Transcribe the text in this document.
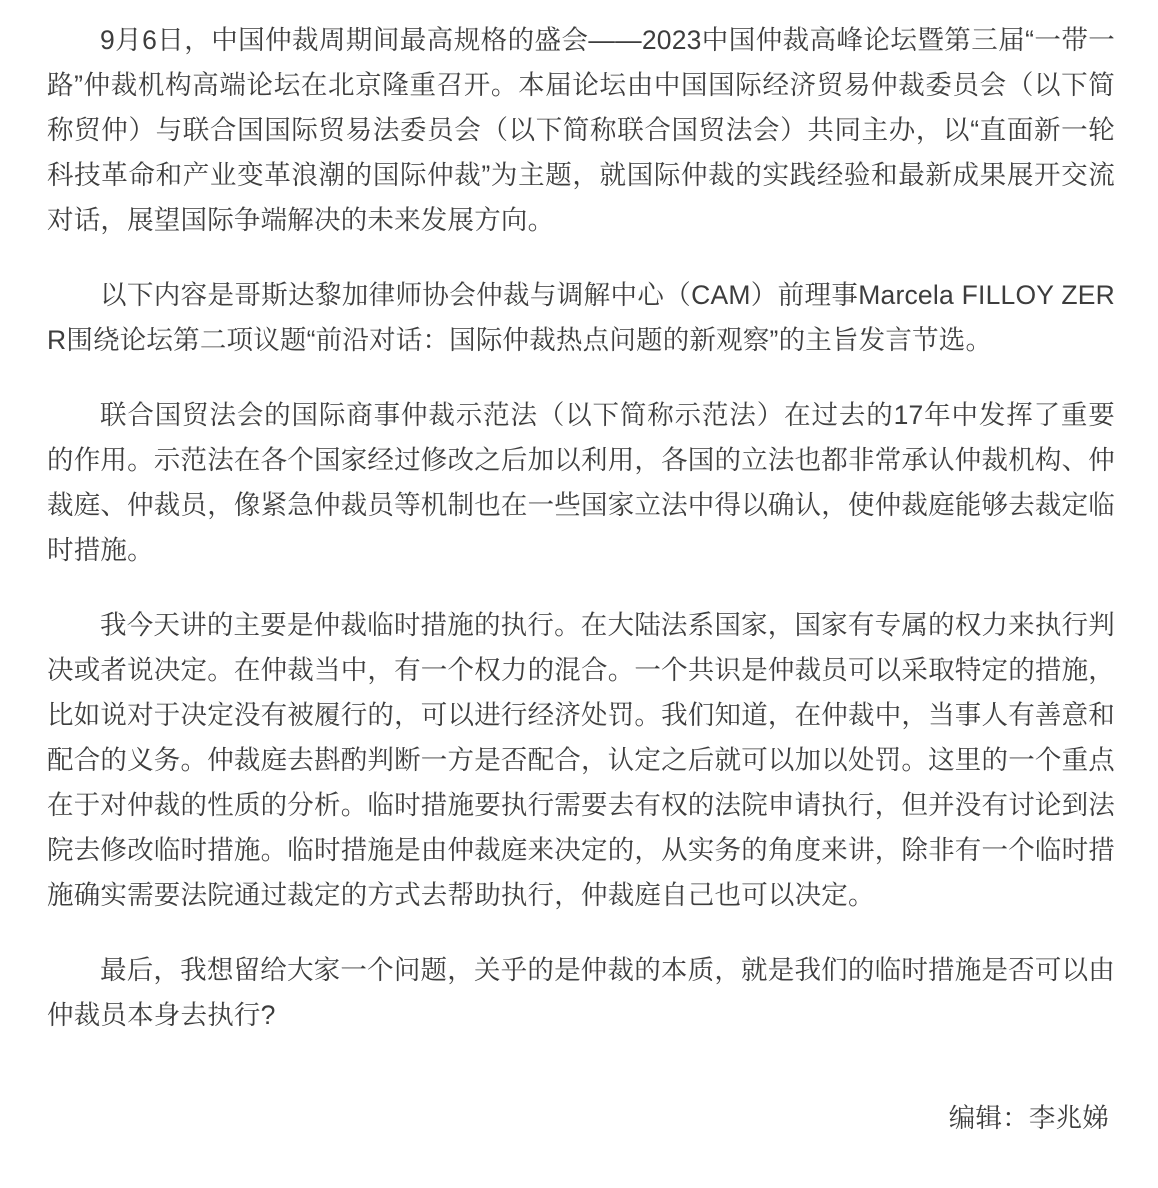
9月6日，中国仲裁周期间最高规格的盛会——2023中国仲裁高峰论坛暨第三届“一带一路”仲裁机构高端论坛在北京隆重召开。本届论坛由中国国际经济贸易仲裁委员会（以下简称贸仲）与联合国国际贸易法委员会（以下简称联合国贸法会）共同主办，以“直面新一轮科技革命和产业变革浪潮的国际仲裁”为主题，就国际仲裁的实践经验和最新成果展开交流对话，展望国际争端解决的未来发展方向。

以下内容是哥斯达黎加律师协会仲裁与调解中心（CAM）前理事Marcela FILLOY ZERR围绕论坛第二项议题“前沿对话：国际仲裁热点问题的新观察”的主旨发言节选。

联合国贸法会的国际商事仲裁示范法（以下简称示范法）在过去的17年中发挥了重要的作用。示范法在各个国家经过修改之后加以利用，各国的立法也都非常承认仲裁机构、仲裁庭、仲裁员，像紧急仲裁员等机制也在一些国家立法中得以确认，使仲裁庭能够去裁定临时措施。

我今天讲的主要是仲裁临时措施的执行。在大陆法系国家，国家有专属的权力来执行判决或者说决定。在仲裁当中，有一个权力的混合。一个共识是仲裁员可以采取特定的措施，比如说对于决定没有被履行的，可以进行经济处罚。我们知道，在仲裁中，当事人有善意和配合的义务。仲裁庭去斟酌判断一方是否配合，认定之后就可以加以处罚。这里的一个重点在于对仲裁的性质的分析。临时措施要执行需要去有权的法院申请执行，但并没有讨论到法院去修改临时措施。临时措施是由仲裁庭来决定的，从实务的角度来讲，除非有一个临时措施确实需要法院通过裁定的方式去帮助执行，仲裁庭自己也可以决定。

最后，我想留给大家一个问题，关乎的是仲裁的本质，就是我们的临时措施是否可以由仲裁员本身去执行?

编辑：李兆娣
